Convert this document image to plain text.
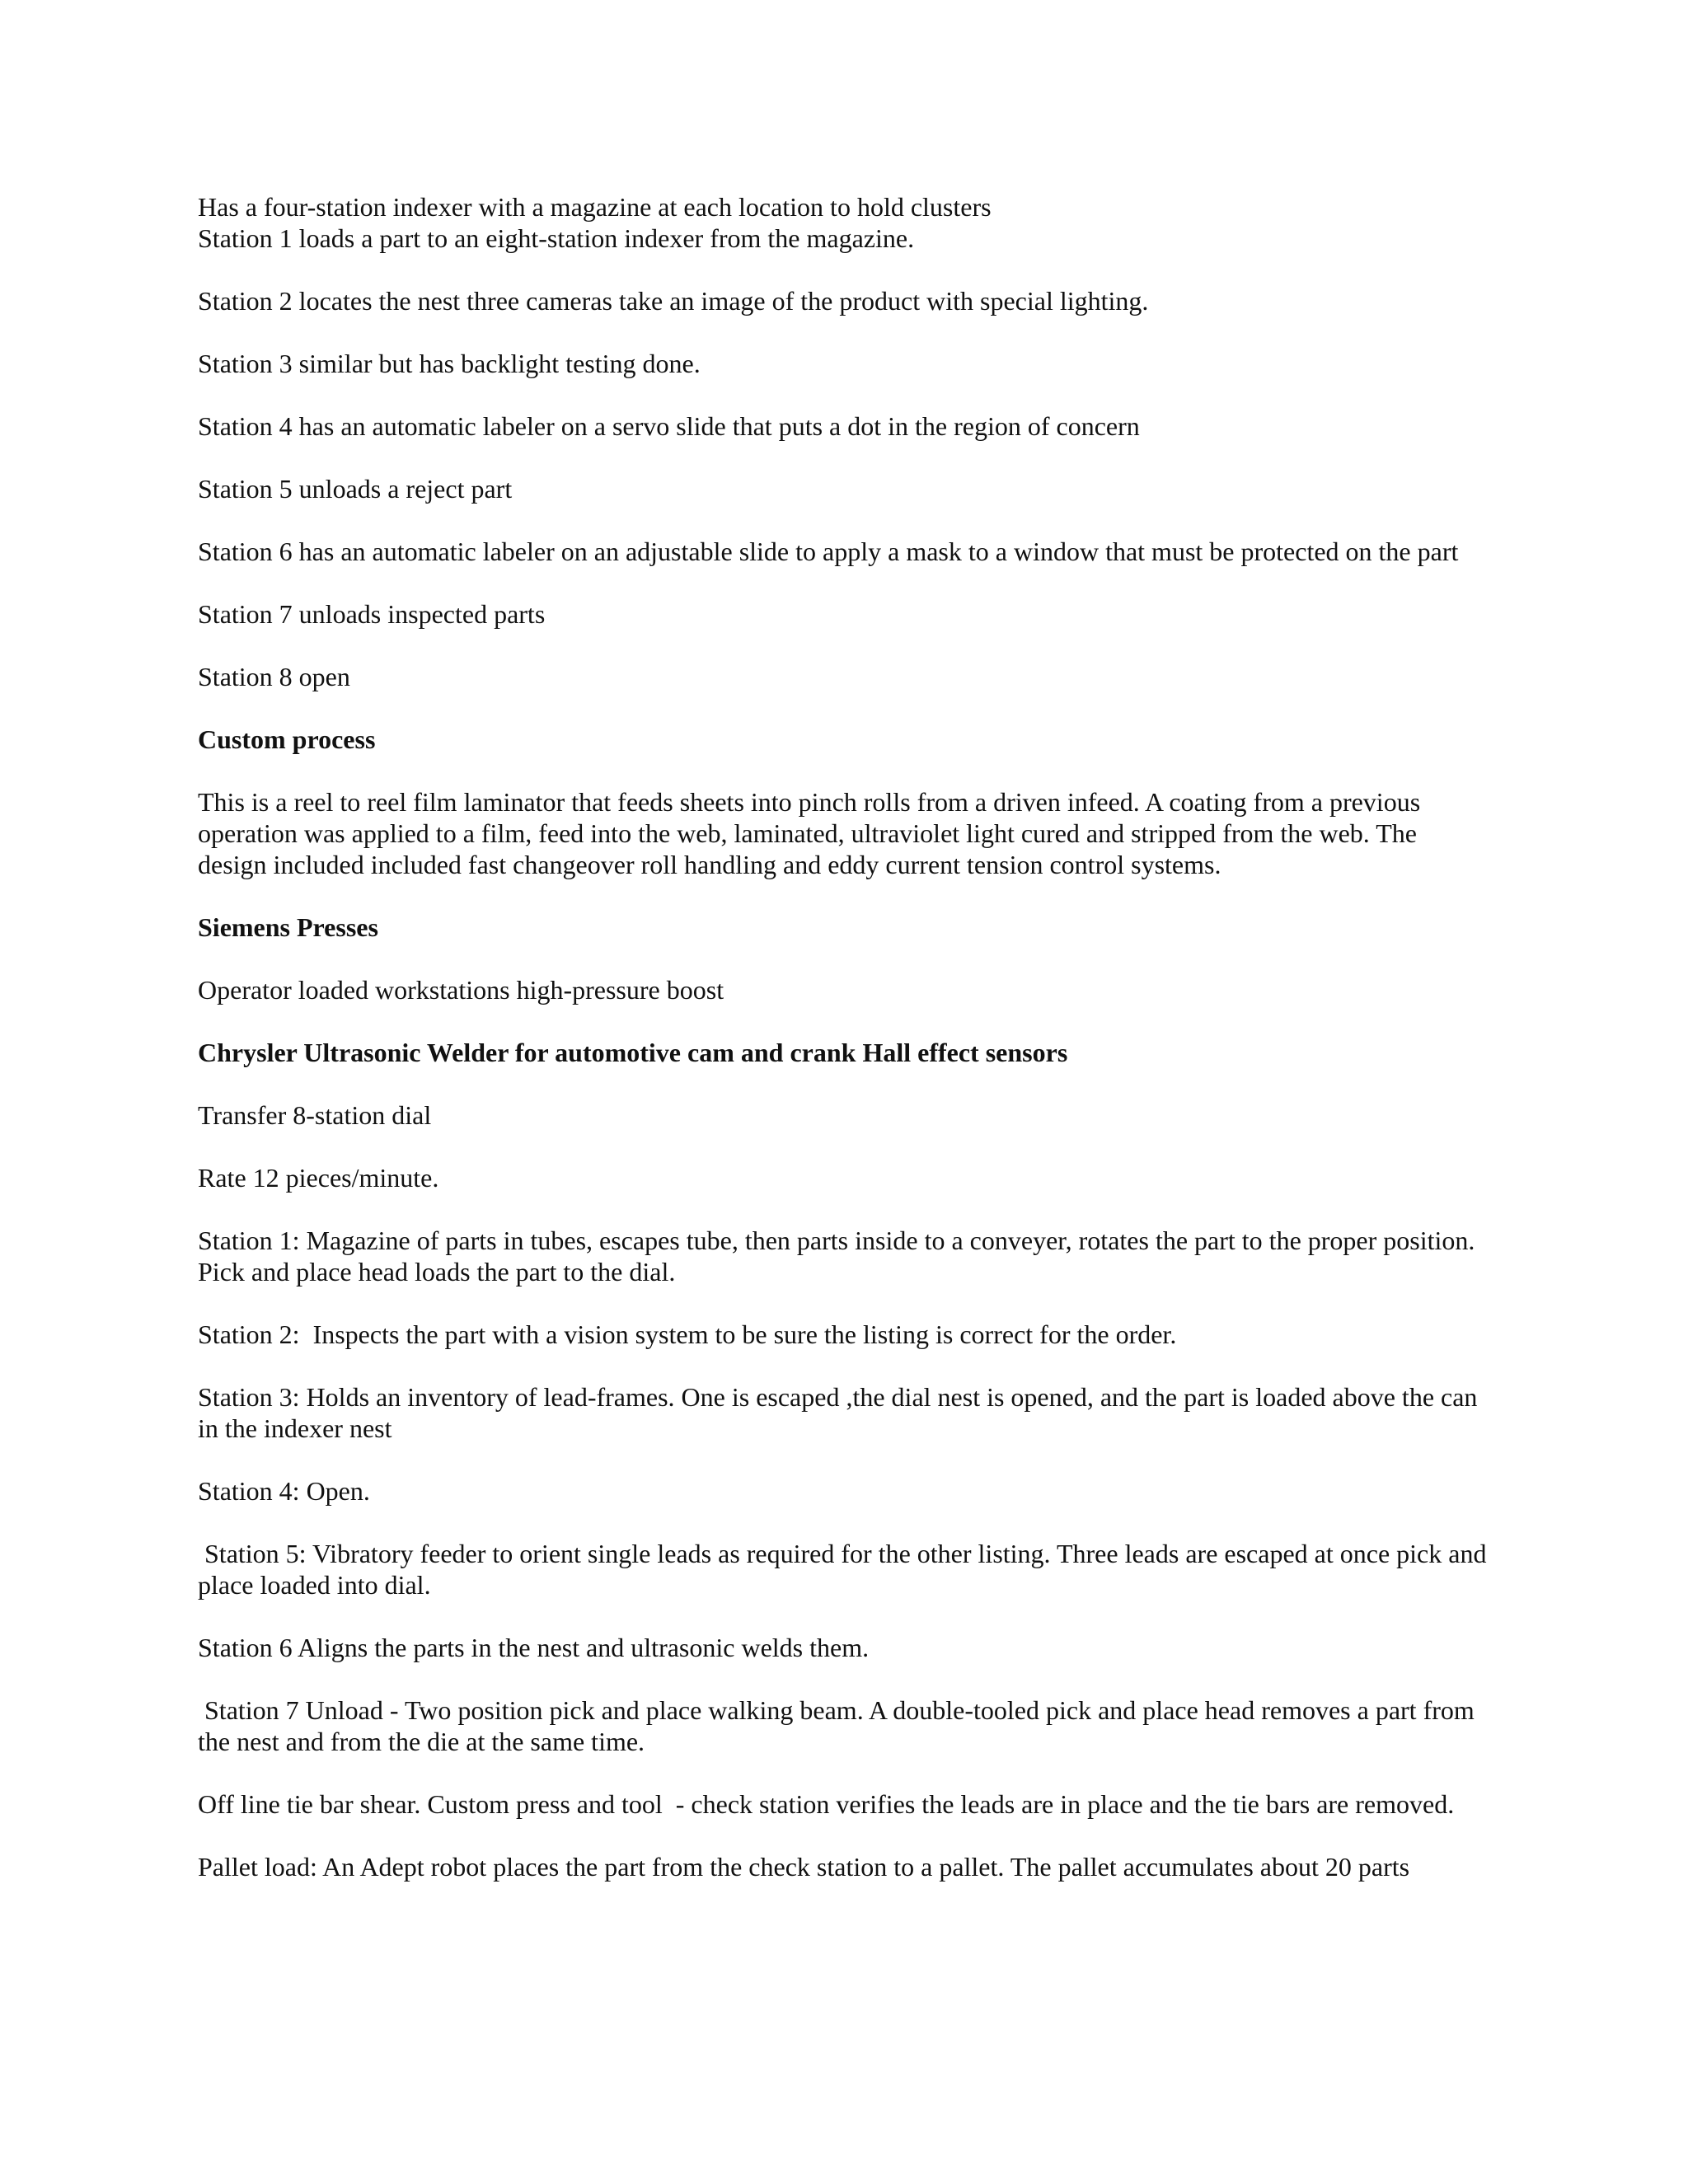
Has a four-station indexer with a magazine at each location to hold clusters

Station 1 loads a part to an eight-station indexer from the magazine.

Station 2 locates the nest three cameras take an image of the product with special lighting.

Station 3 similar but has backlight testing done.

Station 4 has an automatic labeler on a servo slide that puts a dot in the region of concern

Station 5 unloads a reject part

Station 6 has an automatic labeler on an adjustable slide to apply a mask to a window that must be protected on the part

Station 7 unloads inspected parts

Station 8 open

Custom process

This is a reel to reel film laminator that feeds sheets into pinch rolls from a driven infeed. A coating from a previous operation was applied to a film, feed into the web, laminated, ultraviolet light cured and stripped from the web. The design included included fast changeover roll handling and eddy current tension control systems.

Siemens Presses

Operator loaded workstations high-pressure boost

Chrysler Ultrasonic Welder for automotive cam and crank Hall effect sensors

Transfer 8-station dial

Rate 12 pieces/minute.

Station 1: Magazine of parts in tubes, escapes tube, then parts inside to a conveyer, rotates the part to the proper position.  Pick and place head loads the part to the dial.

Station 2:  Inspects the part with a vision system to be sure the listing is correct for the order.

Station 3: Holds an inventory of lead-frames. One is escaped ,the dial nest is opened, and the part is loaded above the can in the indexer nest

Station 4: Open.

Station 5: Vibratory feeder to orient single leads as required for the other listing. Three leads are escaped at once pick and place loaded into dial.

Station 6 Aligns the parts in the nest and ultrasonic welds them.

Station 7 Unload - Two position pick and place walking beam. A double-tooled pick and place head removes a part from the nest and from the die at the same time.

Off line tie bar shear. Custom press and tool  - check station verifies the leads are in place and the tie bars are removed.

Pallet load: An Adept robot places the part from the check station to a pallet. The pallet accumulates about 20 parts
